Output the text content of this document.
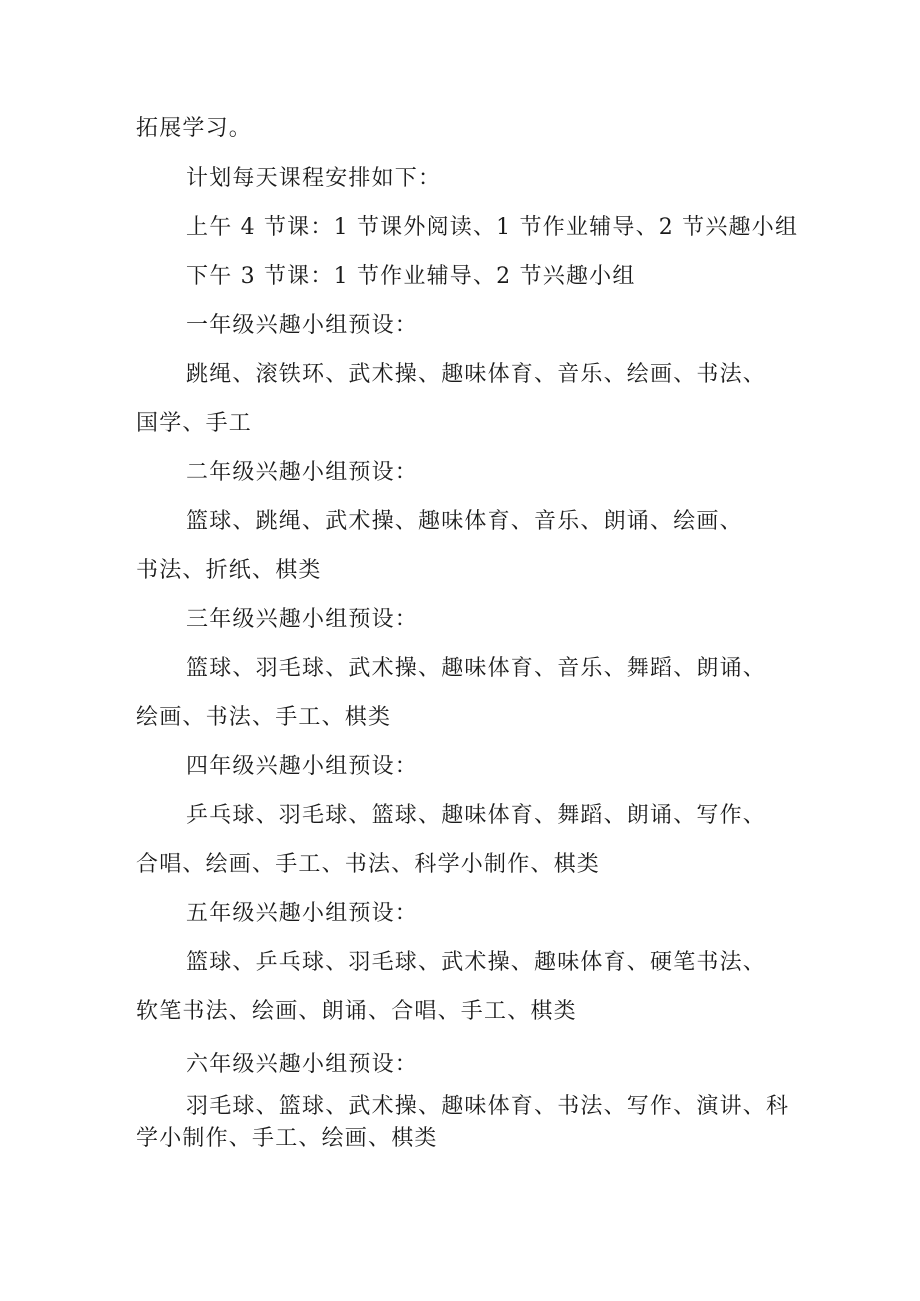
拓展学习。
计划每天课程安排如下：
上午 4 节课：1 节课外阅读、1 节作业辅导、2 节兴趣小组
下午 3 节课：1 节作业辅导、2 节兴趣小组
一年级兴趣小组预设：
跳绳、滚铁环、武术操、趣味体育、音乐、绘画、书法、
国学、手工
二年级兴趣小组预设：
篮球、跳绳、武术操、趣味体育、音乐、朗诵、绘画、
书法、折纸、棋类
三年级兴趣小组预设：
篮球、羽毛球、武术操、趣味体育、音乐、舞蹈、朗诵、
绘画、书法、手工、棋类
四年级兴趣小组预设：
乒乓球、羽毛球、篮球、趣味体育、舞蹈、朗诵、写作、
合唱、绘画、手工、书法、科学小制作、棋类
五年级兴趣小组预设：
篮球、乒乓球、羽毛球、武术操、趣味体育、硬笔书法、
软笔书法、绘画、朗诵、合唱、手工、棋类
六年级兴趣小组预设：
羽毛球、篮球、武术操、趣味体育、书法、写作、演讲、科
学小制作、手工、绘画、棋类
